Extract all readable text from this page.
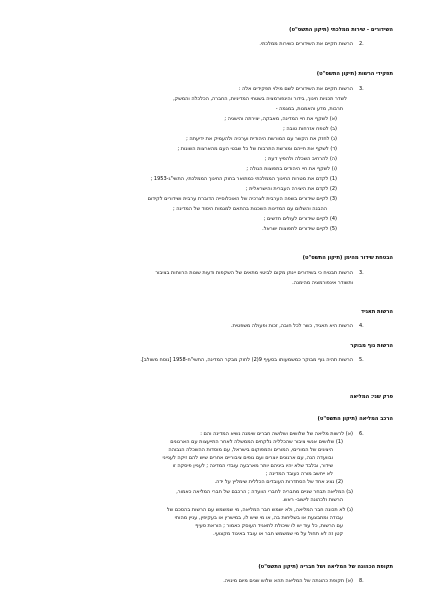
השידורים - שירות ממלכתי (תיקון התשס"ט)
2.
הרשות תקיים את השידורים כשירות ממלכתי.
תפקידי הרשות (תיקון התשס"ט)
3.
הרשות תקיים את השידורים לשם מילוי תפקידים אלה :
לשדר תכניות חינוך, בידור והינפורמציה בשטחי המדיניות, החברה, הכלכלה והמשק,
תרבות, מדע והאמנות, במגמה -
(א) לשקף את חיי המדינה, מאבקה, יצירתה והישגיה ;
(ב) לטפח אזרחות טובה ;
(ג) לחזק את הקשר עם המורשת היהודית וערכיה ולהעמיק את ידיעתה ;
(ד) לשקף את חייהם ומורשת התרבות של כל שבטי העם מהארצות השונות ;
(ה) להרחיב השכלה ולהפיץ דעת ;
(ו) לשקף את חיי היהודים בתפוצות הגולה ;
(1) לקדם את מטרות החינוך הממלכתי כמתואר בחוק החינוך הממלכתי, התשי"ג-1953 ;
(2) לקדם את היצירה העברית והישראלית ;
(3) לקיים שידורים בשפה הערבית לצרכיה של האוכלוסייה הדוברת ערבית ושידורים לקידום
ההבנה והשלום עם המדינות השכנות בהתאם למגמות היסוד של המדינה ;
(4) לקיים שידורים לעולים חדשים ;
(5) לקיים שידורים לתפוצות ישראל.
הבטחת שידור מהימן (תיקון התשס"ט)
3.
הרשות תבטיח כי בשידורים יינתן מקום לביטוי מתאים של השקפות ודעות שונות הרווחות בציבור
ותשודר אינפורמציה מהימנה.
הרשות תאגיד
4.
הרשות היא תאגיד, כשר לכל חובה, זכות ופעולה משפטית.
הרשות גוף מבוקר
5.
הרשות תהיה גוף מבוקר כמשמעותו בסעיף 9(2) לחוק מבקר המדינה, התשי"ח-1958 [נוסח משולב].
פרק שני: המליאה
הרכב המליאה (תיקון התשס"ט)
6.
(א) לרשות מליאה של שלושים ושלושה חברים שימנה נשיא המדינה והם :
(1) שלושים אנשי ציבור שהכלליה נלקחים הממשלה לאחר התייעצות עם הארגונים
היציגים של המוריםי, המורים והמפוקום בישראל, עם מוסדות ההשכלה הגבוהה
ובוועדה הנה, עם ארגונים יוצרים ועם גופים ציבוריים אחרים שיש להם זיקה לענייני
שידור, ובלבד שלא יהיו ביניהם יותר מארבעה עובדי המדינה ; לעניין פיסקה זו
לא ייחשב מורה כעובד המדינה ;
(2) נציג אחד של הסתדרות העובדים הכללית שימליץ על ידה.
(ב) המליאה תבחר שניים מחבריה לחברי הוועדה ; הרכבם של חברי המליאה כאמור,
הרשות ולכהונה לישוב- ראש.
(ג) לא תכונה חבר המליאה, ולא ישמש חבר המליאה, מי שמשמש עם הרשות בהסכם של
עבודה ומתבצעת או בשליחות בה, או מי שיש לו, במישרין או בעקיפין, עניין מהותי
עם הרשות, כל עוד יש לו שיכולת לתאגיד העוסק כאמור ; הוראת סעיף
קטן זה לא תחול על מי שמשמש חבר או עובד באיגוד מקצועי.
תקופת הכהונה של המליאה ושל חבריה (תיקון התשס"ט)
8.
(א) תקופת כהונתה של המליאה תהא שלוש שנים מיום מינויה.
